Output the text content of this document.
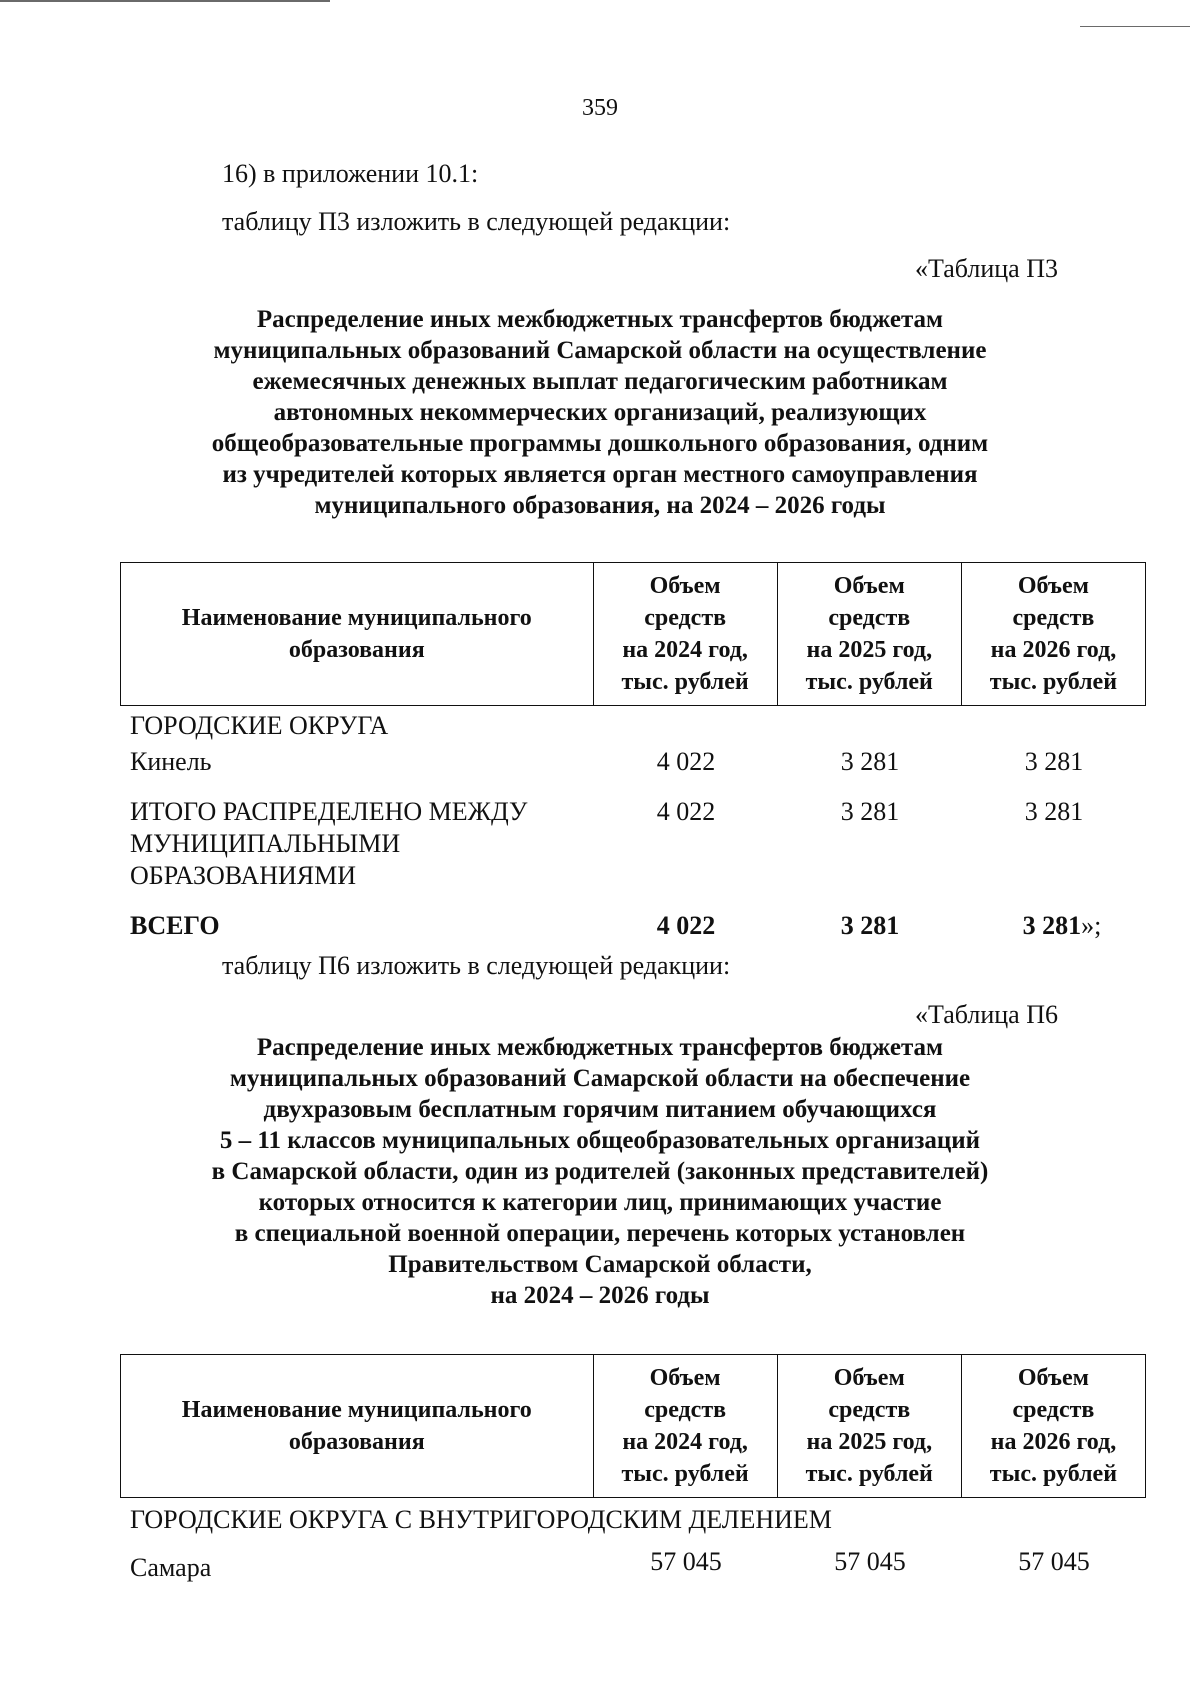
359
16) в приложении 10.1:
таблицу П3 изложить в следующей редакции:
«Таблица П3
Распределение иных межбюджетных трансфертов бюджетам
муниципальных образований Самарской области на осуществление
ежемесячных денежных выплат педагогическим работникам
автономных некоммерческих организаций, реализующих
общеобразовательные программы дошкольного образования, одним
из учредителей которых является орган местного самоуправления
муниципального образования, на 2024 – 2026 годы
Наименование муниципального
образования

Объем
средств
на 2024 год,
тыс. рублей

Объем
средств
на 2025 год,
тыс. рублей

Объем
средств
на 2026 год,
тыс. рублей
ГОРОДСКИЕ ОКРУГА
Кинель	4 022	3 281	3 281
ИТОГО РАСПРЕДЕЛЕНО МЕЖДУ
МУНИЦИПАЛЬНЫМИ
ОБРАЗОВАНИЯМИ
4 022	3 281	3 281
ВСЕГО	4 022	3 281	3 281»;
таблицу П6 изложить в следующей редакции:
«Таблица П6
Распределение иных межбюджетных трансфертов бюджетам
муниципальных образований Самарской области на обеспечение
двухразовым бесплатным горячим питанием обучающихся
5 – 11 классов муниципальных общеобразовательных организаций
в Самарской области, один из родителей (законных представителей)
которых относится к категории лиц, принимающих участие
в специальной военной операции, перечень которых установлен
Правительством Самарской области,
на 2024 – 2026 годы
Наименование муниципального
образования

Объем
средств
на 2024 год,
тыс. рублей

Объем
средств
на 2025 год,
тыс. рублей

Объем
средств
на 2026 год,
тыс. рублей
ГОРОДСКИЕ ОКРУГА С ВНУТРИГОРОДСКИМ ДЕЛЕНИЕМ
Самара	57 045	57 045	57 045
